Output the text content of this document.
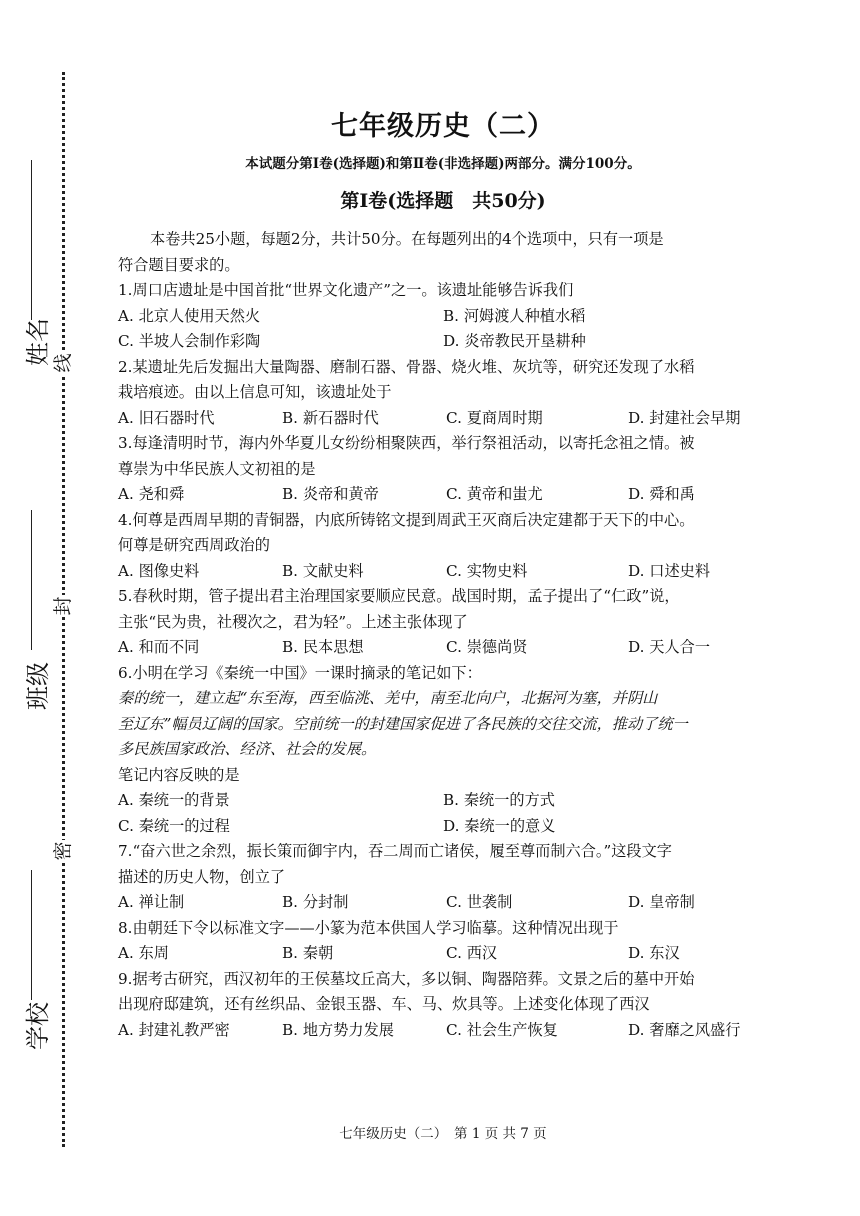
姓名
班级
学校
线
封
密
七年级历史（二）
本试题分第Ⅰ卷(选择题)和第Ⅱ卷(非选择题)两部分。满分100分。
第Ⅰ卷(选择题　共50分)
本卷共25小题，每题2分，共计50分。在每题列出的4个选项中，只有一项是
符合题目要求的。
1.周口店遗址是中国首批“世界文化遗产”之一。该遗址能够告诉我们
A. 北京人使用天然火	B. 河姆渡人种植水稻
C. 半坡人会制作彩陶	D. 炎帝教民开垦耕种
2.某遗址先后发掘出大量陶器、磨制石器、骨器、烧火堆、灰坑等，研究还发现了水稻
栽培痕迹。由以上信息可知，该遗址处于
A. 旧石器时代	B. 新石器时代	C. 夏商周时期	D. 封建社会早期
3.每逢清明时节，海内外华夏儿女纷纷相聚陕西，举行祭祖活动，以寄托念祖之情。被
尊崇为中华民族人文初祖的是
A. 尧和舜	B. 炎帝和黄帝	C. 黄帝和蚩尤	D. 舜和禹
4.何尊是西周早期的青铜器，内底所铸铭文提到周武王灭商后决定建都于天下的中心。
何尊是研究西周政治的
A. 图像史料	B. 文献史料	C. 实物史料	D. 口述史料
5.春秋时期，管子提出君主治理国家要顺应民意。战国时期，孟子提出了“仁政”说，
主张“民为贵，社稷次之，君为轻”。上述主张体现了
A. 和而不同	B. 民本思想	C. 崇德尚贤	D. 天人合一
6.小明在学习《秦统一中国》一课时摘录的笔记如下：
秦的统一，建立起“东至海，西至临洮、羌中，南至北向户，北据河为塞，并阴山
至辽东”幅员辽阔的国家。空前统一的封建国家促进了各民族的交往交流，推动了统一
多民族国家政治、经济、社会的发展。
笔记内容反映的是
A. 秦统一的背景	B. 秦统一的方式
C. 秦统一的过程	D. 秦统一的意义
7.“奋六世之余烈，振长策而御宇内，吞二周而亡诸侯，履至尊而制六合。”这段文字
描述的历史人物，创立了
A. 禅让制	B. 分封制	C. 世袭制	D. 皇帝制
8.由朝廷下令以标准文字——小篆为范本供国人学习临摹。这种情况出现于
A. 东周	B. 秦朝	C. 西汉	D. 东汉
9.据考古研究，西汉初年的王侯墓坟丘高大，多以铜、陶器陪葬。文景之后的墓中开始
出现府邸建筑，还有丝织品、金银玉器、车、马、炊具等。上述变化体现了西汉
A. 封建礼教严密	B. 地方势力发展	C. 社会生产恢复	D. 奢靡之风盛行
七年级历史（二）　第 1 页 共 7 页
